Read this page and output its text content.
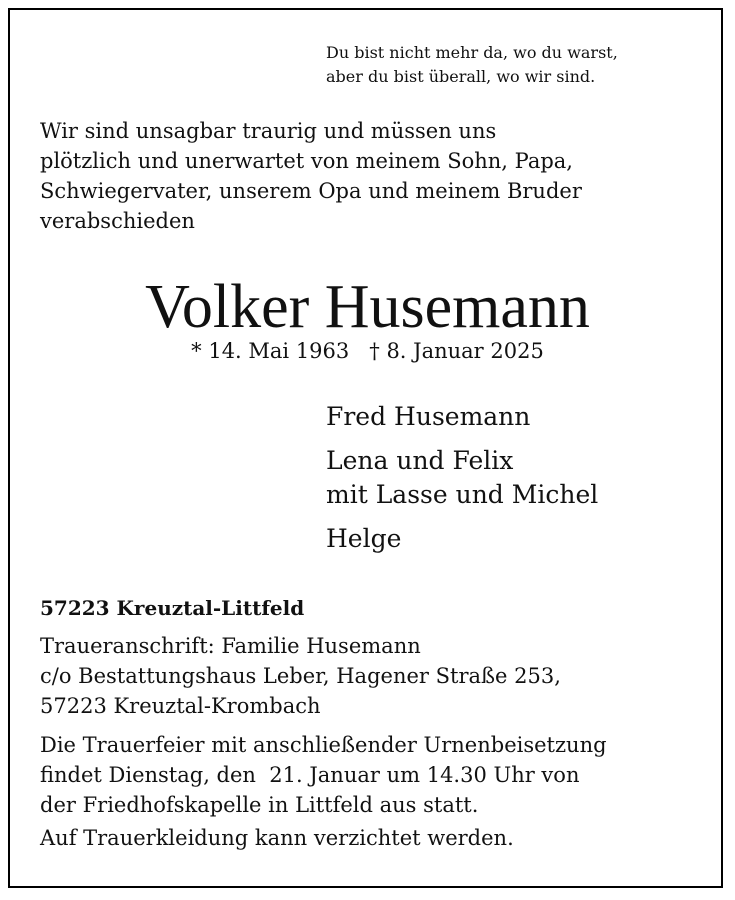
Du bist nicht mehr da, wo du warst,
aber du bist überall, wo wir sind.
Wir sind unsagbar traurig und müssen uns
plötzlich und unerwartet von meinem Sohn, Papa,
Schwiegervater, unserem Opa und meinem Bruder
verabschieden
Volker Husemann
* 14. Mai 1963 † 8. Januar 2025
Fred Husemann
Lena und Felix
mit Lasse und Michel
Helge
57223 Kreuztal-Littfeld
Traueranschrift: Familie Husemann
c/o Bestattungshaus Leber, Hagener Straße 253,
57223 Kreuztal-Krombach
Die Trauerfeier mit anschließender Urnenbeisetzung
findet Dienstag, den  21. Januar um 14.30 Uhr von
der Friedhofskapelle in Littfeld aus statt.
Auf Trauerkleidung kann verzichtet werden.
